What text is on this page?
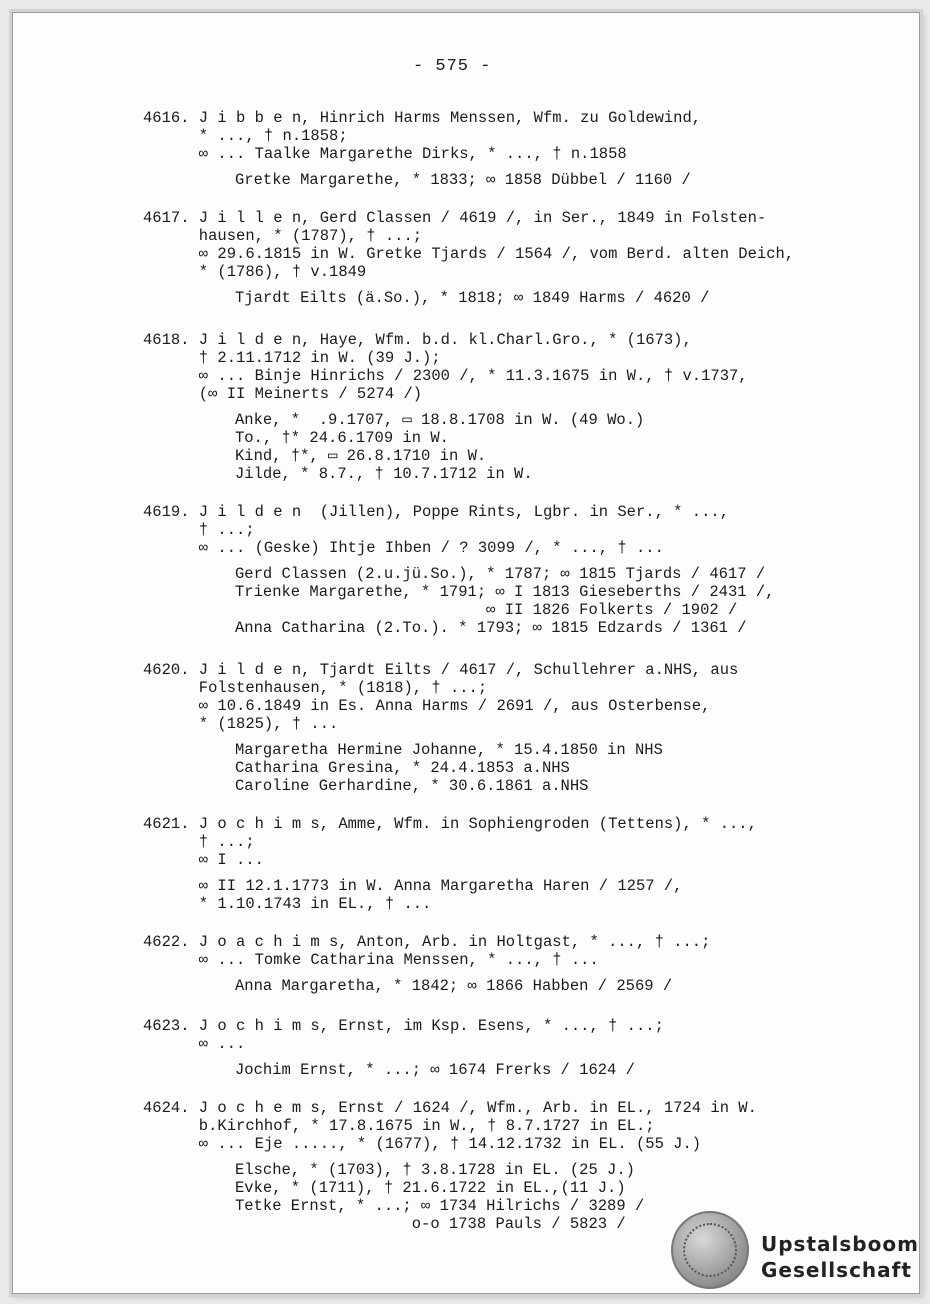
- 575 -
4616. J i b b e n, Hinrich Harms Menssen, Wfm. zu Goldewind,
* ..., † n.1858;
∞ ... Taalke Margarethe Dirks, * ..., † n.1858
Gretke Margarethe, * 1833; ∞ 1858 Dübbel / 1160 /
4617. J i l l e n, Gerd Classen / 4619 /, in Ser., 1849 in Folsten-
hausen, * (1787), † ...;
∞ 29.6.1815 in W. Gretke Tjards / 1564 /, vom Berd. alten Deich,
* (1786), † v.1849
Tjardt Eilts (ä.So.), * 1818; ∞ 1849 Harms / 4620 /
4618. J i l d e n, Haye, Wfm. b.d. kl.Charl.Gro., * (1673),
† 2.11.1712 in W. (39 J.);
∞ ... Binje Hinrichs / 2300 /, * 11.3.1675 in W., † v.1737,
(∞ II Meinerts / 5274 /)
Anke, *  .9.1707, ▭ 18.8.1708 in W. (49 Wo.)
To., †* 24.6.1709 in W.
Kind, †*, ▭ 26.8.1710 in W.
Jilde, * 8.7., † 10.7.1712 in W.
4619. J i l d e n  (Jillen), Poppe Rints, Lgbr. in Ser., * ...,
† ...;
∞ ... (Geske) Ihtje Ihben / ? 3099 /, * ..., † ...
Gerd Classen (2.u.jü.So.), * 1787; ∞ 1815 Tjards / 4617 /
Trienke Margarethe, * 1791; ∞ I 1813 Gieseberths / 2431 /,
∞ II 1826 Folkerts / 1902 /
Anna Catharina (2.To.). * 1793; ∞ 1815 Edzards / 1361 /
4620. J i l d e n, Tjardt Eilts / 4617 /, Schullehrer a.NHS, aus
Folstenhausen, * (1818), † ...;
∞ 10.6.1849 in Es. Anna Harms / 2691 /, aus Osterbense,
* (1825), † ...
Margaretha Hermine Johanne, * 15.4.1850 in NHS
Catharina Gresina, * 24.4.1853 a.NHS
Caroline Gerhardine, * 30.6.1861 a.NHS
4621. J o c h i m s, Amme, Wfm. in Sophiengroden (Tettens), * ...,
† ...;
∞ I ...
∞ II 12.1.1773 in W. Anna Margaretha Haren / 1257 /,
* 1.10.1743 in EL., † ...
4622. J o a c h i m s, Anton, Arb. in Holtgast, * ..., † ...;
∞ ... Tomke Catharina Menssen, * ..., † ...
Anna Margaretha, * 1842; ∞ 1866 Habben / 2569 /
4623. J o c h i m s, Ernst, im Ksp. Esens, * ..., † ...;
∞ ...
Jochim Ernst, * ...; ∞ 1674 Frerks / 1624 /
4624. J o c h e m s, Ernst / 1624 /, Wfm., Arb. in EL., 1724 in W.
b.Kirchhof, * 17.8.1675 in W., † 8.7.1727 in EL.;
∞ ... Eje ....., * (1677), † 14.12.1732 in EL. (55 J.)
Elsche, * (1703), † 3.8.1728 in EL. (25 J.)
Evke, * (1711), † 21.6.1722 in EL.,(11 J.)
Tetke Ernst, * ...; ∞ 1734 Hilrichs / 3289 /
o-o 1738 Pauls / 5823 /
Upstalsboom
Gesellschaft
